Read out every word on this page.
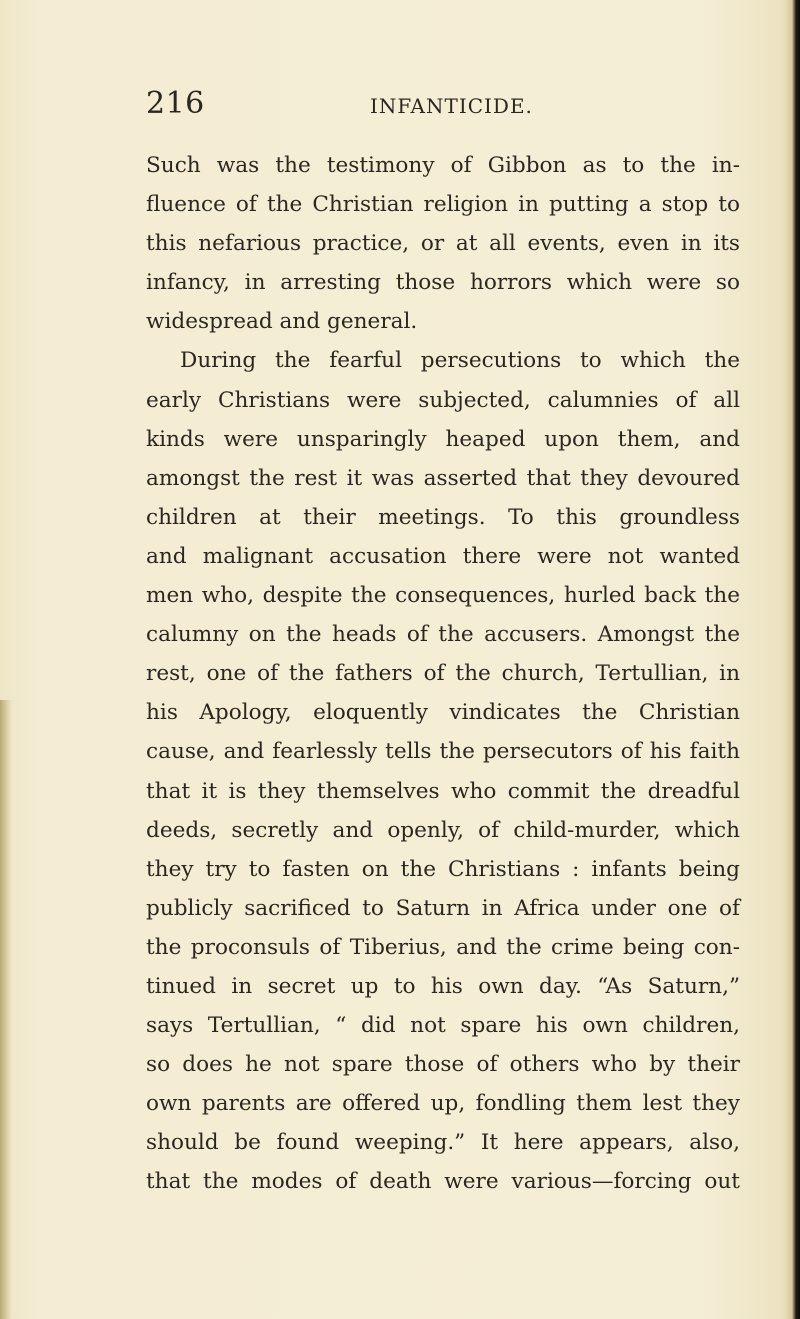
216	INFANTICIDE.
Such was the testimony of Gibbon as to the in-
fluence of the Christian religion in putting a stop to
this nefarious practice, or at all events, even in its
infancy, in arresting those horrors which were so
widespread and general.
During the fearful persecutions to which the
early Christians were subjected, calumnies of all
kinds were unsparingly heaped upon them, and
amongst the rest it was asserted that they devoured
children at their meetings. To this groundless
and malignant accusation there were not wanted
men who, despite the consequences, hurled back the
calumny on the heads of the accusers. Amongst the
rest, one of the fathers of the church, Tertullian, in
his Apology, eloquently vindicates the Christian
cause, and fearlessly tells the persecutors of his faith
that it is they themselves who commit the dreadful
deeds, secretly and openly, of child-murder, which
they try to fasten on the Christians : infants being
publicly sacrificed to Saturn in Africa under one of
the proconsuls of Tiberius, and the crime being con-
tinued in secret up to his own day. “As Saturn,”
says Tertullian, “ did not spare his own children,
so does he not spare those of others who by their
own parents are offered up, fondling them lest they
should be found weeping.” It here appears, also,
that the modes of death were various—forcing out
